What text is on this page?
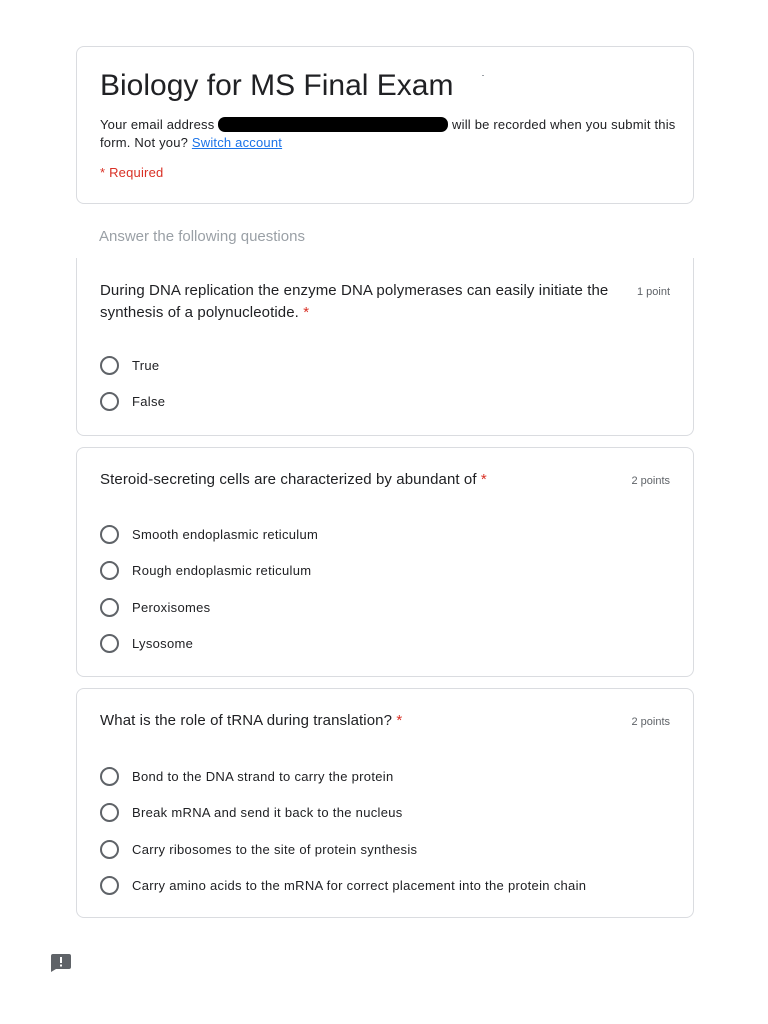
Biology for MS Final Exam
Your email address	will be recorded when you submit this form. Not you? Switch account
* Required
Answer the following questions
During DNA replication the enzyme DNA polymerases can easily initiate the synthesis of a polynucleotide. *
1 point
True
False
Steroid-secreting cells are characterized by abundant of *	2 points
Smooth endoplasmic reticulum
Rough endoplasmic reticulum
Peroxisomes
Lysosome
What is the role of tRNA during translation? *	2 points
Bond to the DNA strand to carry the protein
Break mRNA and send it back to the nucleus
Carry ribosomes to the site of protein synthesis
Carry amino acids to the mRNA for correct placement into the protein chain
